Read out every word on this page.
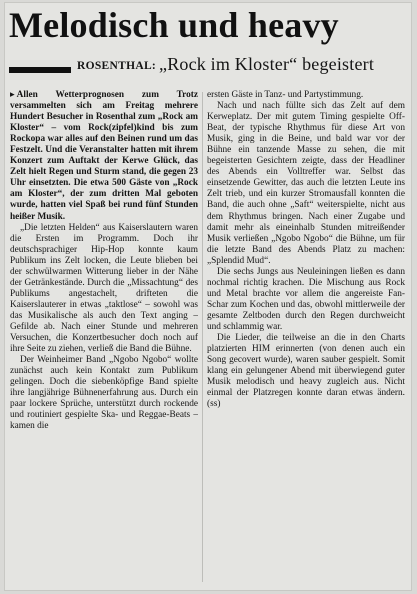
Melodisch und heavy
ROSENTHAL: „Rock im Kloster“ begeistert

▸ Allen Wetterprognosen zum Trotz versammelten sich am Freitag mehrere Hundert Besucher in Rosenthal zum „Rock am Kloster“ – vom Rock(zipfel)kind bis zum Rockopa war alles auf den Beinen rund um das Festzelt. Und die Veranstalter hatten mit ihrem Konzert zum Auftakt der Kerwe Glück, das Zelt hielt Regen und Sturm stand, die gegen 23 Uhr einsetzten. Die etwa 500 Gäste von „Rock am Kloster“, der zum dritten Mal geboten wurde, hatten viel Spaß bei rund fünf Stunden heißer Musik.

„Die letzten Helden“ aus Kaiserslautern waren die Ersten im Programm. Doch ihr deutschsprachiger Hip-Hop konnte kaum Publikum ins Zelt locken, die Leute blieben bei der schwülwarmen Witterung lieber in der Nähe der Getränkestände. Durch die „Missachtung“ des Publikums angestachelt, drifteten die Kaiserslauterer in etwas „taktlose“ – sowohl was das Musikalische als auch den Text anging – Gefilde ab. Nach einer Stunde und mehreren Versuchen, die Konzertbesucher doch noch auf ihre Seite zu ziehen, verließ die Band die Bühne.

Der Weinheimer Band „Ngobo Ngobo“ wollte zunächst auch kein Kontakt zum Publikum gelingen. Doch die siebenköpfige Band spielte ihre langjährige Bühnenerfahrung aus. Durch ein paar lockere Sprüche, unterstützt durch rockende und routiniert gespielte Ska- und Reggae-Beats – kamen die

ersten Gäste in Tanz- und Partystimmung.

Nach und nach füllte sich das Zelt auf dem Kerweplatz. Der mit gutem Timing gespielte Off-Beat, der typische Rhythmus für diese Art von Musik, ging in die Beine, und bald war vor der Bühne ein tanzende Masse zu sehen, die mit begeisterten Gesichtern zeigte, dass der Headliner des Abends ein Volltreffer war. Selbst das einsetzende Gewitter, das auch die letzten Leute ins Zelt trieb, und ein kurzer Stromausfall konnten die Band, die auch ohne „Saft“ weiterspielte, nicht aus dem Rhythmus bringen. Nach einer Zugabe und damit mehr als eineinhalb Stunden mitreißender Musik verließen „Ngobo Ngobo“ die Bühne, um für die letzte Band des Abends Platz zu machen: „Splendid Mud“.

Die sechs Jungs aus Neuleiningen ließen es dann nochmal richtig krachen. Die Mischung aus Rock und Metal brachte vor allem die angereiste Fan-Schar zum Kochen und das, obwohl mittlerweile der gesamte Zeltboden durch den Regen durchweicht und schlammig war.

Die Lieder, die teilweise an die in den Charts platzierten HIM erinnerten (von denen auch ein Song gecovert wurde), waren sauber gespielt. Somit klang ein gelungener Abend mit überwiegend guter Musik melodisch und heavy zugleich aus. Nicht einmal der Platzregen konnte daran etwas ändern. (ss)
